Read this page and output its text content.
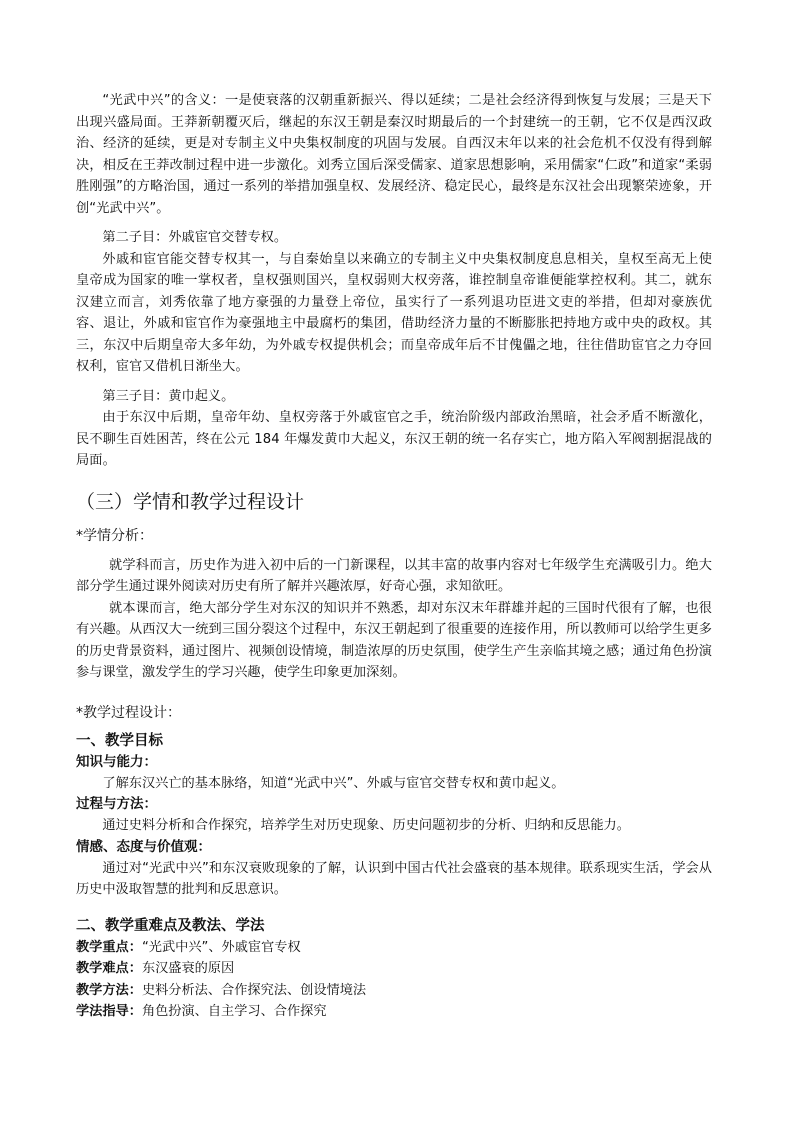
“光武中兴”的含义：一是使衰落的汉朝重新振兴、得以延续；二是社会经济得到恢复与发展；三是天下出现兴盛局面。王莽新朝覆灭后，继起的东汉王朝是秦汉时期最后的一个封建统一的王朝，它不仅是西汉政治、经济的延续，更是对专制主义中央集权制度的巩固与发展。自西汉末年以来的社会危机不仅没有得到解决，相反在王莽改制过程中进一步激化。刘秀立国后深受儒家、道家思想影响，采用儒家“仁政”和道家“柔弱胜刚强”的方略治国，通过一系列的举措加强皇权、发展经济、稳定民心，最终是东汉社会出现繁荣迹象，开创“光武中兴”。

第二子目：外戚宦官交替专权。

外戚和宦官能交替专权其一，与自秦始皇以来确立的专制主义中央集权制度息息相关，皇权至高无上使皇帝成为国家的唯一掌权者，皇权强则国兴，皇权弱则大权旁落，谁控制皇帝谁便能掌控权利。其二，就东汉建立而言，刘秀依靠了地方豪强的力量登上帝位，虽实行了一系列退功臣进文吏的举措，但却对豪族优容、退让，外戚和宦官作为豪强地主中最腐朽的集团，借助经济力量的不断膨胀把持地方或中央的政权。其三，东汉中后期皇帝大多年幼，为外戚专权提供机会；而皇帝成年后不甘傀儡之地，往往借助宦官之力夺回权利，宦官又借机日渐坐大。

第三子目：黄巾起义。

由于东汉中后期，皇帝年幼、皇权旁落于外戚宦官之手，统治阶级内部政治黑暗，社会矛盾不断激化，民不聊生百姓困苦，终在公元 184 年爆发黄巾大起义，东汉王朝的统一名存实亡，地方陷入军阀割据混战的局面。

（三）学情和教学过程设计

*学情分析：

就学科而言，历史作为进入初中后的一门新课程，以其丰富的故事内容对七年级学生充满吸引力。绝大部分学生通过课外阅读对历史有所了解并兴趣浓厚，好奇心强，求知欲旺。

就本课而言，绝大部分学生对东汉的知识并不熟悉，却对东汉末年群雄并起的三国时代很有了解，也很有兴趣。从西汉大一统到三国分裂这个过程中，东汉王朝起到了很重要的连接作用，所以教师可以给学生更多的历史背景资料，通过图片、视频创设情境，制造浓厚的历史氛围，使学生产生亲临其境之感；通过角色扮演参与课堂，激发学生的学习兴趣，使学生印象更加深刻。

*教学过程设计：

一、教学目标

知识与能力：

了解东汉兴亡的基本脉络，知道“光武中兴”、外戚与宦官交替专权和黄巾起义。

过程与方法：

通过史料分析和合作探究，培养学生对历史现象、历史问题初步的分析、归纳和反思能力。

情感、态度与价值观：

通过对“光武中兴”和东汉衰败现象的了解，认识到中国古代社会盛衰的基本规律。联系现实生活，学会从历史中汲取智慧的批判和反思意识。

二、教学重难点及教法、学法

教学重点：“光武中兴”、外戚宦官专权

教学难点：东汉盛衰的原因

教学方法：史料分析法、合作探究法、创设情境法

学法指导：角色扮演、自主学习、合作探究
